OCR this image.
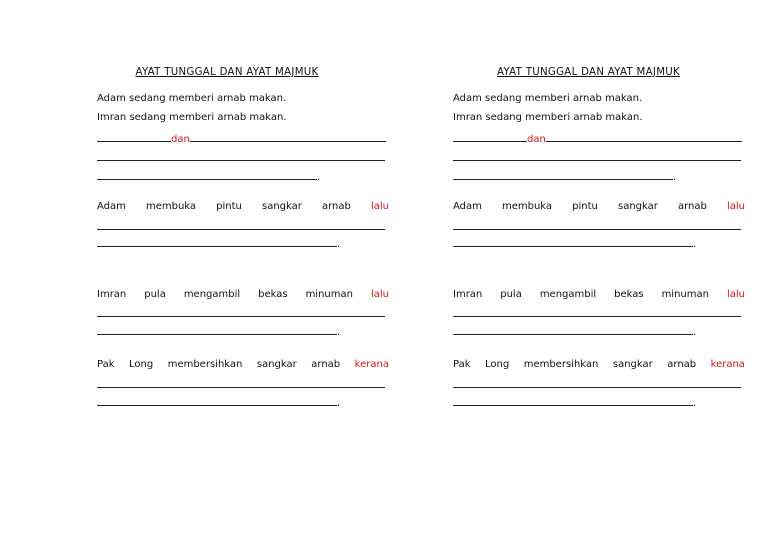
AYAT TUNGGAL DAN AYAT MAJMUK
Adam sedang memberi arnab makan.
Imran sedang memberi arnab makan.
dan
.
Adam membuka pintu sangkar arnab lalu
.
Imran pula mengambil bekas minuman lalu
.
Pak Long membersihkan sangkar arnab kerana
.
AYAT TUNGGAL DAN AYAT MAJMUK
Adam sedang memberi arnab makan.
Imran sedang memberi arnab makan.
dan
.
Adam membuka pintu sangkar arnab lalu
.
Imran pula mengambil bekas minuman lalu
.
Pak Long membersihkan sangkar arnab kerana
.
